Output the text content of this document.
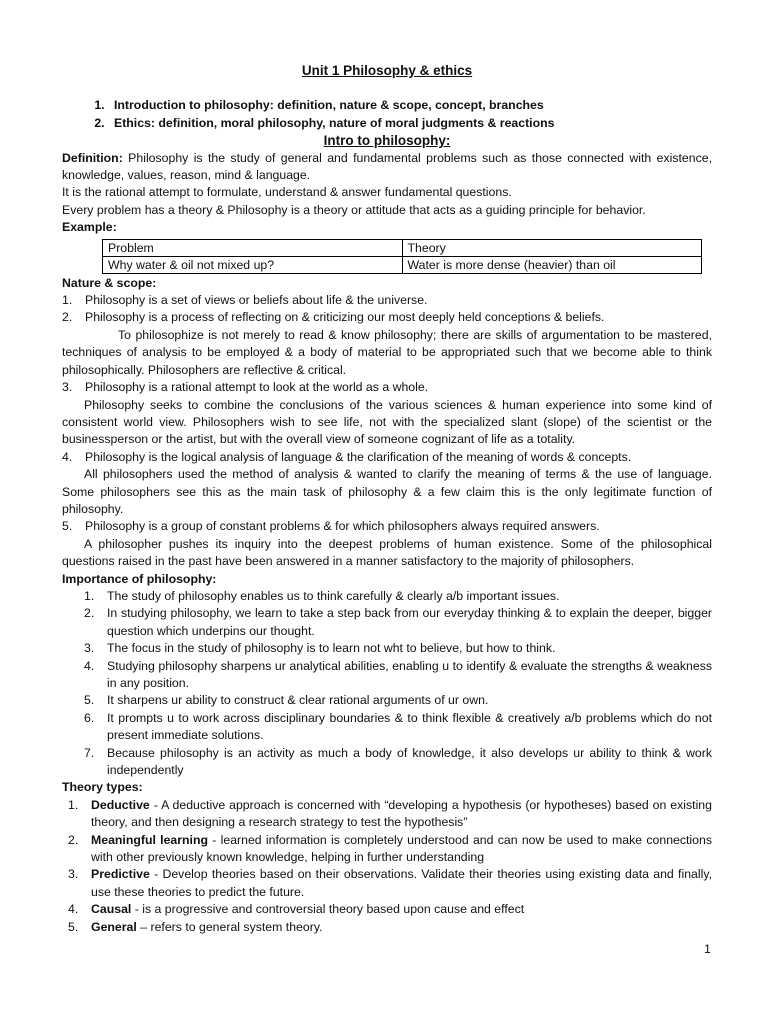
Unit 1 Philosophy & ethics

1. Introduction to philosophy: definition, nature & scope, concept, branches
2. Ethics: definition, moral philosophy, nature of moral judgments & reactions

Intro to philosophy:

Definition: Philosophy is the study of general and fundamental problems such as those connected with existence, knowledge, values, reason, mind & language.

It is the rational attempt to formulate, understand & answer fundamental questions.

Every problem has a theory & Philosophy is a theory or attitude that acts as a guiding principle for behavior.

Example:

Problem	Theory
Why water & oil not mixed up?	Water is more dense (heavier) than oil

Nature & scope:

1.	Philosophy is a set of views or beliefs about life & the universe.
2.	Philosophy is a process of reflecting on & criticizing our most deeply held conceptions & beliefs.

To philosophize is not merely to read & know philosophy; there are skills of argumentation to be mastered, techniques of analysis to be employed & a body of material to be appropriated such that we become able to think philosophically. Philosophers are reflective & critical.

3.	Philosophy is a rational attempt to look at the world as a whole.

Philosophy seeks to combine the conclusions of the various sciences & human experience into some kind of consistent world view. Philosophers wish to see life, not with the specialized slant (slope) of the scientist or the businessperson or the artist, but with the overall view of someone cognizant of life as a totality.

4.	Philosophy is the logical analysis of language & the clarification of the meaning of words & concepts.

All philosophers used the method of analysis & wanted to clarify the meaning of terms & the use of language. Some philosophers see this as the main task of philosophy & a few claim this is the only legitimate function of philosophy.

5.	Philosophy is a group of constant problems & for which philosophers always required answers.

A philosopher pushes its inquiry into the deepest problems of human existence. Some of the philosophical questions raised in the past have been answered in a manner satisfactory to the majority of philosophers.

Importance of philosophy:

1.	The study of philosophy enables us to think carefully & clearly a/b important issues.
2.	In studying philosophy, we learn to take a step back from our everyday thinking & to explain the deeper, bigger question which underpins our thought.
3.	The focus in the study of philosophy is to learn not wht to believe, but how to think.
4.	Studying philosophy sharpens ur analytical abilities, enabling u to identify & evaluate the strengths & weakness in any position.
5.	It sharpens ur ability to construct & clear rational arguments of ur own.
6.	It prompts u to work across disciplinary boundaries & to think flexible & creatively a/b problems which do not present immediate solutions.
7.	Because philosophy is an activity as much a body of knowledge, it also develops ur ability to think & work independently

Theory types:

1.	Deductive - A deductive approach is concerned with “developing a hypothesis (or hypotheses) based on existing theory, and then designing a research strategy to test the hypothesis”
2.	Meaningful learning - learned information is completely understood and can now be used to make connections with other previously known knowledge, helping in further understanding
3.	Predictive - Develop theories based on their observations. Validate their theories using existing data and finally, use these theories to predict the future.
4.	Causal - is a progressive and controversial theory based upon cause and effect
5.	General – refers to general system theory.
1
